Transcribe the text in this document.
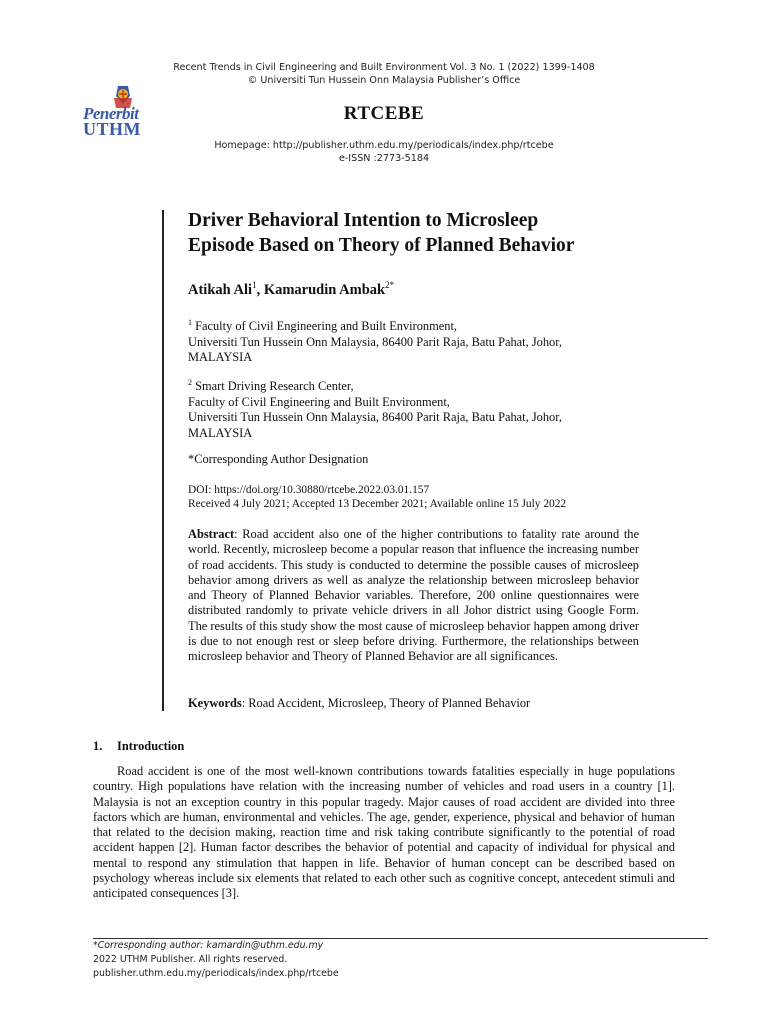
Recent Trends in Civil Engineering and Built Environment Vol. 3 No. 1 (2022) 1399-1408
© Universiti Tun Hussein Onn Malaysia Publisher’s Office
Penerbit
UTHM
RTCEBE
Homepage: http://publisher.uthm.edu.my/periodicals/index.php/rtcebe
e-ISSN :2773-5184
Driver Behavioral Intention to Microsleep
Episode Based on Theory of Planned Behavior
Atikah Ali$^1$, Kamarudin Ambak$^{2*}$
$^1$ Faculty of Civil Engineering and Built Environment,
Universiti Tun Hussein Onn Malaysia, 86400 Parit Raja, Batu Pahat, Johor,
MALAYSIA
$^2$ Smart Driving Research Center,
Faculty of Civil Engineering and Built Environment,
Universiti Tun Hussein Onn Malaysia, 86400 Parit Raja, Batu Pahat, Johor,
MALAYSIA
*Corresponding Author Designation
DOI: https://doi.org/10.30880/rtcebe.2022.03.01.157
Received 4 July 2021; Accepted 13 December 2021; Available online 15 July 2022
Abstract: Road accident also one of the higher contributions to fatality rate around the world. Recently, microsleep become a popular reason that influence the increasing number of road accidents. This study is conducted to determine the possible causes of microsleep behavior among drivers as well as analyze the relationship between microsleep behavior and Theory of Planned Behavior variables. Therefore, 200 online questionnaires were distributed randomly to private vehicle drivers in all Johor district using Google Form. The results of this study show the most cause of microsleep behavior happen among driver is due to not enough rest or sleep before driving. Furthermore, the relationships between microsleep behavior and Theory of Planned Behavior are all significances.
Keywords: Road Accident, Microsleep, Theory of Planned Behavior
1. Introduction
Road accident is one of the most well-known contributions towards fatalities especially in huge populations country. High populations have relation with the increasing number of vehicles and road users in a country [1]. Malaysia is not an exception country in this popular tragedy. Major causes of road accident are divided into three factors which are human, environmental and vehicles. The age, gender, experience, physical and behavior of human that related to the decision making, reaction time and risk taking contribute significantly to the potential of road accident happen [2]. Human factor describes the behavior of potential and capacity of individual for physical and mental to respond any stimulation that happen in life. Behavior of human concept can be described based on psychology whereas include six elements that related to each other such as cognitive concept, antecedent stimuli and anticipated consequences [3].
*Corresponding author: kamardin@uthm.edu.my
2022 UTHM Publisher. All rights reserved.
publisher.uthm.edu.my/periodicals/index.php/rtcebe
